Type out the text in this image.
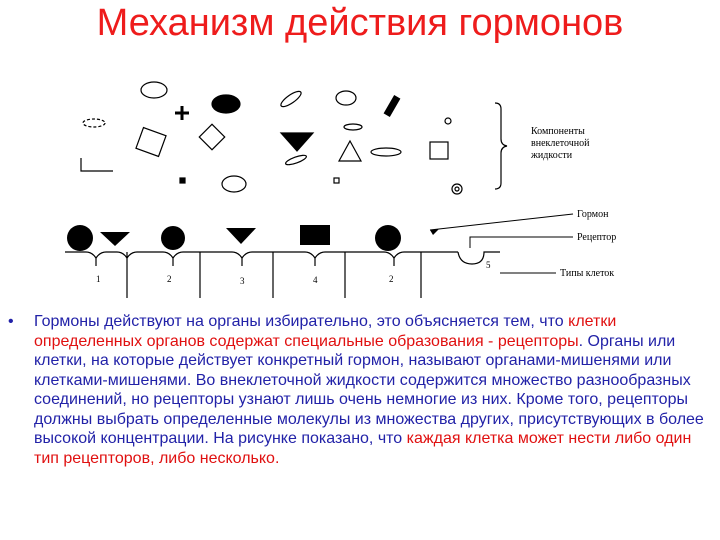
Механизм действия гормонов
Компоненты
внеклеточной
жидкости
Гормон
Рецептор
Типы клеток
1	2	3	4	2
5
• Гормоны действуют на органы избирательно, это объясняется тем, что клетки определенных органов содержат специальные образования - рецепторы. Органы или клетки, на которые действует конкретный гормон, называют органами-мишенями или клетками-мишенями. Во внеклеточной жидкости содержится множество разнообразных соединений, но рецепторы узнают лишь очень немногие из них. Кроме того, рецепторы должны выбрать определенные молекулы из множества других, присутствующих в более высокой концентрации. На рисунке показано, что каждая клетка может нести либо один тип рецепторов, либо несколько.
